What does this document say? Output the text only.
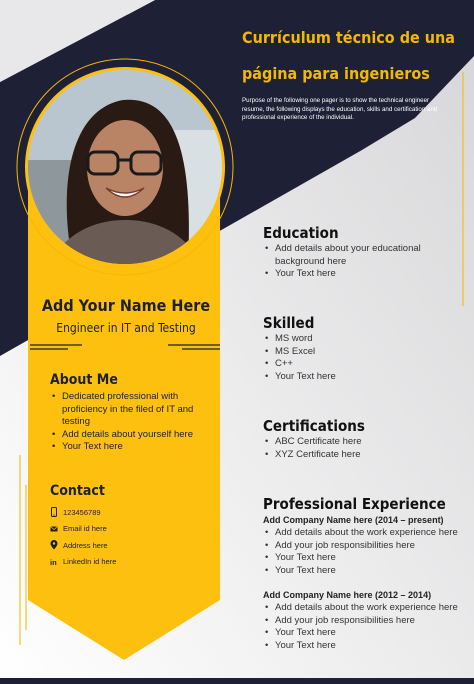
Currículum técnico de una
página para ingenieros
Purpose of the following one pager is to show the technical engineer resume, the following displays the education, skills and certification and professional experience of the individual.
Add Your Name Here
Engineer in IT and Testing
About Me
• Dedicated professional with proficiency in the filed of IT and testing
• Add details about yourself here
• Your Text here
Contact
123456789
Email id here
Address here
in LinkedIn id here
Education
• Add details about your educational background here
• Your Text here
Skilled
• MS word
• MS Excel
• C++
• Your Text here
Certifications
• ABC Certificate here
• XYZ Certificate here
Professional Experience
Add Company Name here (2014 – present)
• Add details about the work experience here
• Add your job responsibilities here
• Your Text here
• Your Text here
Add Company Name here (2012 – 2014)
• Add details about the work experience here
• Add your job responsibilities here
• Your Text here
• Your Text here
